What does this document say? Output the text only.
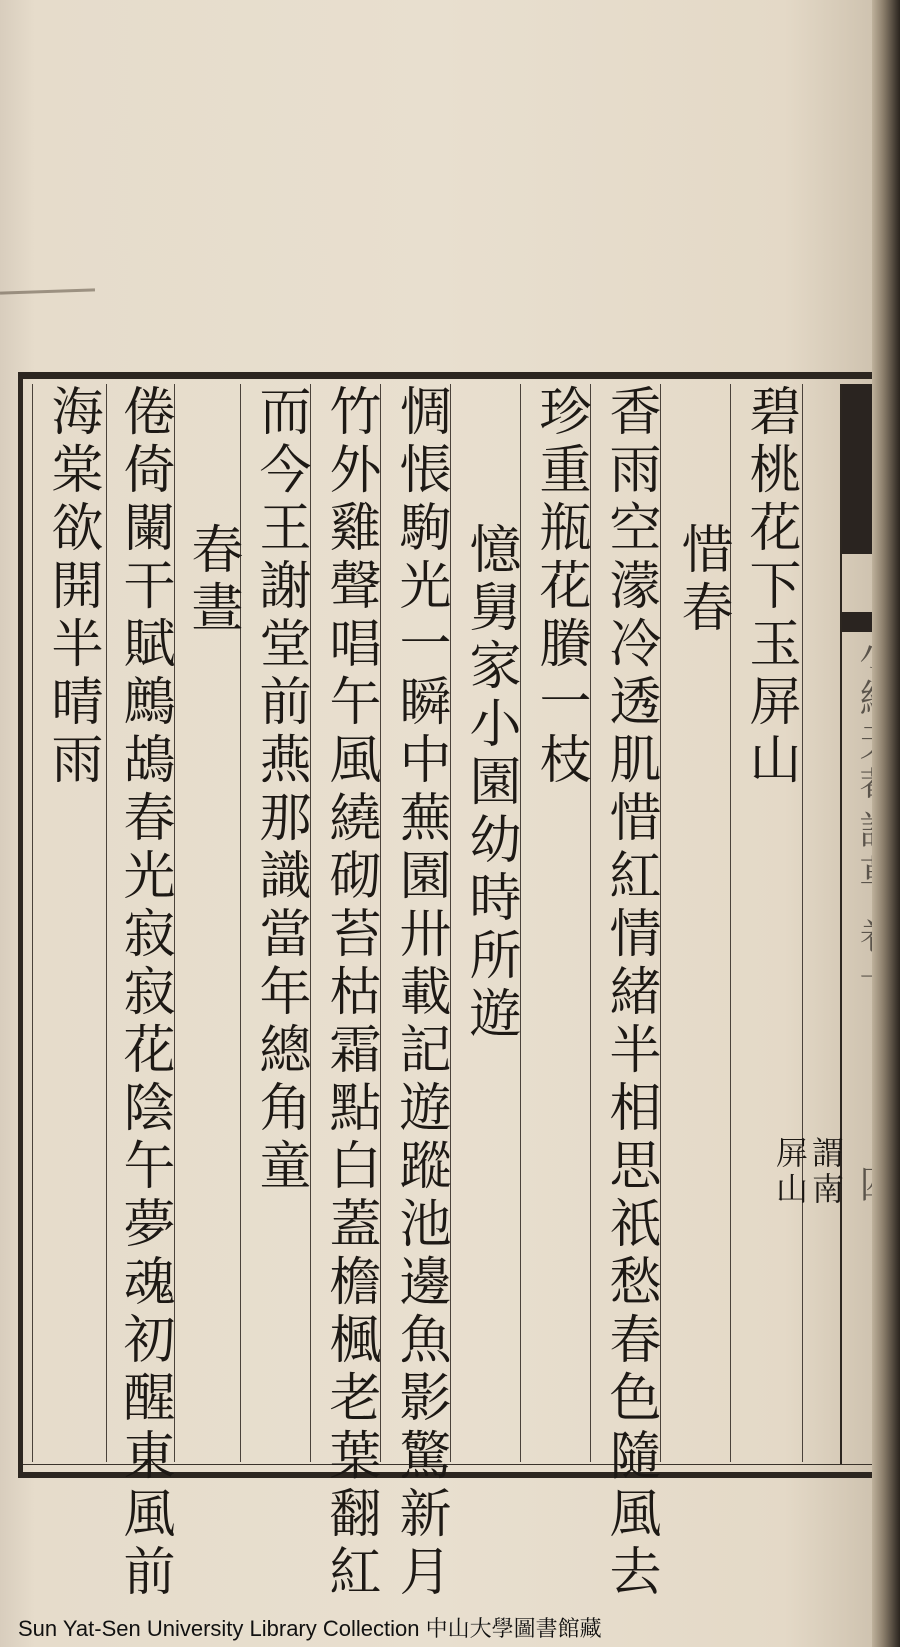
碧桃花下玉屏山
謂南
屏山
惜春
香雨空濛冷透肌惜紅情緒半相思祇愁春色隨風去
珍重瓶花賸一枝
憶舅家小園幼時所遊
惆悵駒光一瞬中蕪園卅載記遊蹤池邊魚影驚新月
竹外雞聲唱午風繞砌苔枯霜點白蓋檐楓老葉翻紅
而今王謝堂前燕那識當年總角童
春晝
倦倚闌干賦鷓鴣春光寂寂花陰午夢魂初醒東風前
海棠欲開半晴雨
Sun Yat-Sen University Library Collection 中山大學圖書館藏
